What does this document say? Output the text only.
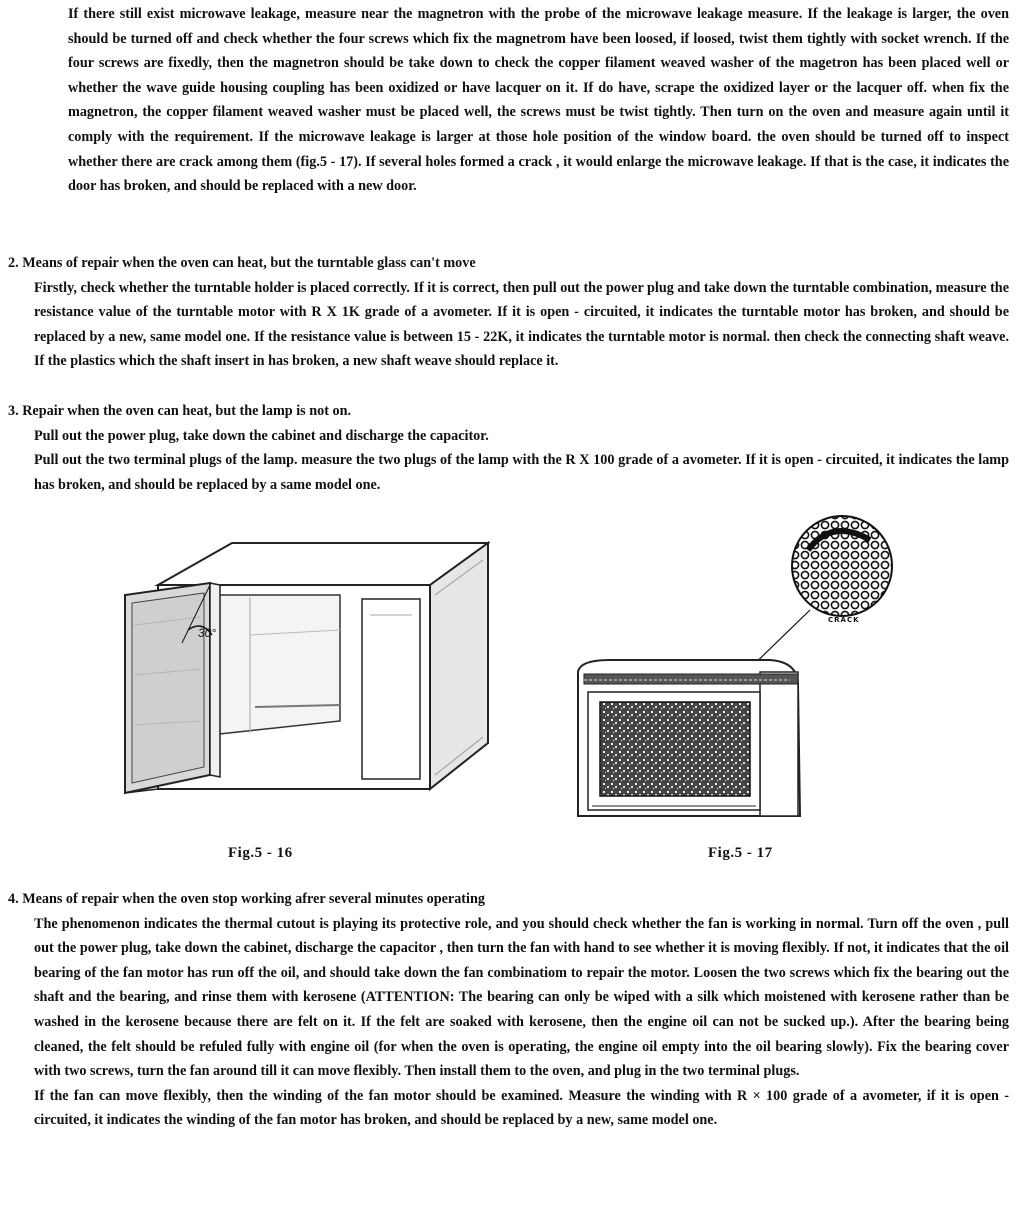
If there still exist microwave leakage, measure near the magnetron with the probe of the microwave leakage measure. If the leakage is larger, the oven should be turned off and check whether the four screws which fix the magnetrom have been loosed, if loosed, twist them tightly with socket wrench. If the four screws are fixedly, then the magnetron should be take down to check the copper filament weaved washer of the magetron has been placed well or whether the wave guide housing coupling has been oxidized or have lacquer on it. If do have, scrape the oxidized layer or the lacquer off. when fix the magnetron, the copper filament weaved washer must be placed well, the screws must be twist tightly. Then turn on the oven and measure again until it comply with the requirement. If the microwave leakage is larger at those hole position of the window board. the oven should be turned off to inspect whether there are crack among them (fig.5 - 17). If several holes formed a crack , it would enlarge the microwave leakage. If that is the case, it indicates the door has broken, and should be replaced with a new door.

2. Means of repair when the oven can heat, but the turntable glass can't move

Firstly, check whether the turntable holder is placed correctly. If it is correct, then pull out the power plug and take down the turntable combination, measure the resistance value of the turntable motor with R X 1K grade of a avometer. If it is open - circuited, it indicates the turntable motor has broken, and should be replaced by a new, same model one. If the resistance value is between 15 - 22K, it indicates the turntable motor is normal. then check the connecting shaft weave. If the plastics which the shaft insert in has broken, a new shaft weave should replace it.

3. Repair when the oven can heat, but the lamp is not on.

Pull out the power plug, take down the cabinet and discharge the capacitor.

Pull out the two terminal plugs of the lamp. measure the two plugs of the lamp with the R X 100 grade of a avometer. If it is open - circuited, it indicates the lamp has broken, and should be replaced by a same model one.

30°
CRACK
Fig.5 - 16	Fig.5 - 17

4. Means of repair when the oven stop working afrer several minutes operating

The phenomenon indicates the thermal cutout is playing its protective role, and you should check whether the fan is working in normal. Turn off the oven , pull out the power plug, take down the cabinet, discharge the capacitor , then turn the fan with hand to see whether it is moving flexibly. If not, it indicates that the oil bearing of the fan motor has run off the oil, and should take down the fan combinatiom to repair the motor. Loosen the two screws which fix the bearing out the shaft and the bearing, and rinse them with kerosene (ATTENTION: The bearing can only be wiped with a silk which moistened with kerosene rather than be washed in the kerosene because there are felt on it. If the felt are soaked with kerosene, then the engine oil can not be sucked up.). After the bearing being cleaned, the felt should be refuled fully with engine oil (for when the oven is operating, the engine oil empty into the oil bearing slowly). Fix the bearing cover with two screws, turn the fan around till it can move flexibly. Then install them to the oven, and plug in the two terminal plugs.

If the fan can move flexibly, then the winding of the fan motor should be examined. Measure the winding with R × 100 grade of a avometer, if it is open - circuited, it indicates the winding of the fan motor has broken, and should be replaced by a new, same model one.
